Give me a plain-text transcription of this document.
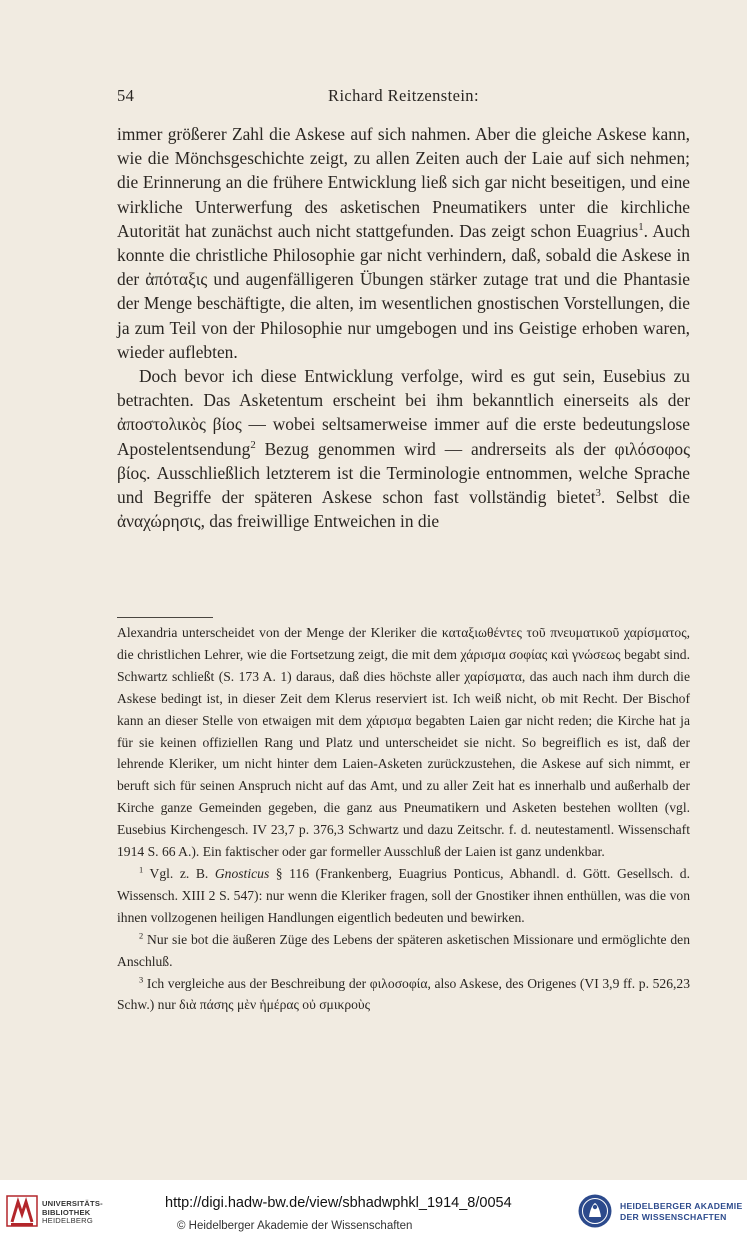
54	Richard Reitzenstein:

immer größerer Zahl die Askese auf sich nahmen. Aber die gleiche Askese kann, wie die Mönchsgeschichte zeigt, zu allen Zeiten auch der Laie auf sich nehmen; die Erinnerung an die frühere Entwicklung ließ sich gar nicht beseitigen, und eine wirkliche Unterwerfung des asketischen Pneumatikers unter die kirchliche Autorität hat zunächst auch nicht stattgefunden. Das zeigt schon Euagrius$^1$. Auch konnte die christliche Philosophie gar nicht verhindern, daß, sobald die Askese in der ἀπόταξις und augenfälligeren Übungen stärker zutage trat und die Phantasie der Menge beschäftigte, die alten, im wesentlichen gnostischen Vorstellungen, die ja zum Teil von der Philosophie nur umgebogen und ins Geistige erhoben waren, wieder auflebten.

Doch bevor ich diese Entwicklung verfolge, wird es gut sein, Eusebius zu betrachten. Das Asketentum erscheint bei ihm bekanntlich einerseits als der ἀποστολικὸς βίος — wobei seltsamerweise immer auf die erste bedeutungslose Apostelentsendung$^2$ Bezug genommen wird — andrerseits als der φιλόσοφος βίος. Ausschließlich letzterem ist die Terminologie entnommen, welche Sprache und Begriffe der späteren Askese schon fast vollständig bietet$^3$. Selbst die ἀναχώρησις, das freiwillige Entweichen in die

Alexandria unterscheidet von der Menge der Kleriker die καταξιωθέντες τοῦ πνευματικοῦ χαρίσματος, die christlichen Lehrer, wie die Fortsetzung zeigt, die mit dem χάρισμα σοφίας καὶ γνώσεως begabt sind. Schwartz schließt (S. 173 A. 1) daraus, daß dies höchste aller χαρίσματα, das auch nach ihm durch die Askese bedingt ist, in dieser Zeit dem Klerus reserviert ist. Ich weiß nicht, ob mit Recht. Der Bischof kann an dieser Stelle von etwaigen mit dem χάρισμα begabten Laien gar nicht reden; die Kirche hat ja für sie keinen offiziellen Rang und Platz und unterscheidet sie nicht. So begreiflich es ist, daß der lehrende Kleriker, um nicht hinter dem Laien-Asketen zurückzustehen, die Askese auf sich nimmt, er beruft sich für seinen Anspruch nicht auf das Amt, und zu aller Zeit hat es innerhalb und außerhalb der Kirche ganze Gemeinden gegeben, die ganz aus Pneumatikern und Asketen bestehen wollten (vgl. Eusebius Kirchengesch. IV 23,7 p. 376,3 Schwartz und dazu Zeitschr. f. d. neutestamentl. Wissenschaft 1914 S. 66 A.). Ein faktischer oder gar formeller Ausschluß der Laien ist ganz undenkbar.

$^1$ Vgl. z. B. Gnosticus § 116 (Frankenberg, Euagrius Ponticus, Abhandl. d. Gött. Gesellsch. d. Wissensch. XIII 2 S. 547): nur wenn die Kleriker fragen, soll der Gnostiker ihnen enthüllen, was die von ihnen vollzogenen heiligen Handlungen eigentlich bedeuten und bewirken.

$^2$ Nur sie bot die äußeren Züge des Lebens der späteren asketischen Missionare und ermöglichte den Anschluß.

$^3$ Ich vergleiche aus der Beschreibung der φιλοσοφία, also Askese, des Origenes (VI 3,9 ff. p. 526,23 Schw.) nur διὰ πάσης μὲν ἡμέρας οὐ σμικροὺς

UNIVERSITÄTS-
BIBLIOTHEK
HEIDELBERG
http://digi.hadw-bw.de/view/sbhadwphkl_1914_8/0054
© Heidelberger Akademie der Wissenschaften
HEIDELBERGER AKADEMIE
DER WISSENSCHAFTEN
